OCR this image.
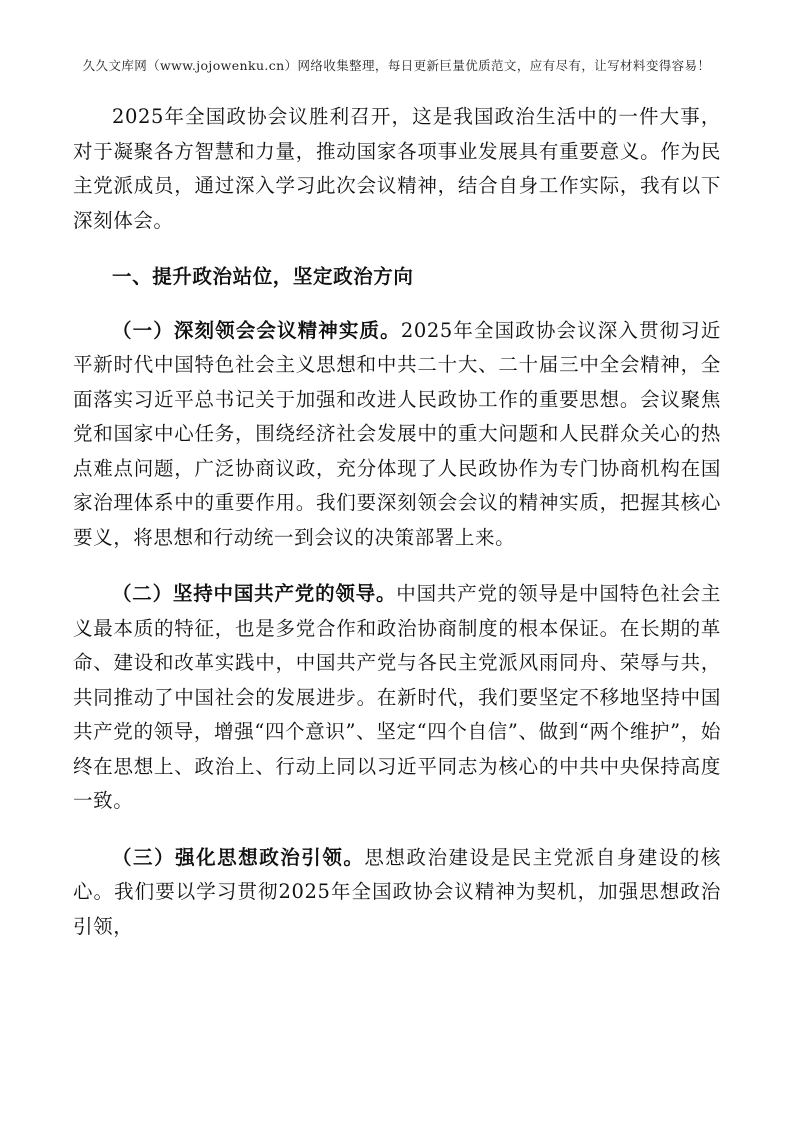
久久文库网（www.jojowenku.cn）网络收集整理，每日更新巨量优质范文，应有尽有，让写材料变得容易！

2025年全国政协会议胜利召开，这是我国政治生活中的一件大事，对于凝聚各方智慧和力量，推动国家各项事业发展具有重要意义。作为民主党派成员，通过深入学习此次会议精神，结合自身工作实际，我有以下深刻体会。

一、提升政治站位，坚定政治方向

（一）深刻领会会议精神实质。2025年全国政协会议深入贯彻习近平新时代中国特色社会主义思想和中共二十大、二十届三中全会精神，全面落实习近平总书记关于加强和改进人民政协工作的重要思想。会议聚焦党和国家中心任务，围绕经济社会发展中的重大问题和人民群众关心的热点难点问题，广泛协商议政，充分体现了人民政协作为专门协商机构在国家治理体系中的重要作用。我们要深刻领会会议的精神实质，把握其核心要义，将思想和行动统一到会议的决策部署上来。

（二）坚持中国共产党的领导。中国共产党的领导是中国特色社会主义最本质的特征，也是多党合作和政治协商制度的根本保证。在长期的革命、建设和改革实践中，中国共产党与各民主党派风雨同舟、荣辱与共，共同推动了中国社会的发展进步。在新时代，我们要坚定不移地坚持中国共产党的领导，增强“四个意识”、坚定“四个自信”、做到“两个维护”，始终在思想上、政治上、行动上同以习近平同志为核心的中共中央保持高度一致。

（三）强化思想政治引领。思想政治建设是民主党派自身建设的核心。我们要以学习贯彻2025年全国政协会议精神为契机，加强思想政治引领，
